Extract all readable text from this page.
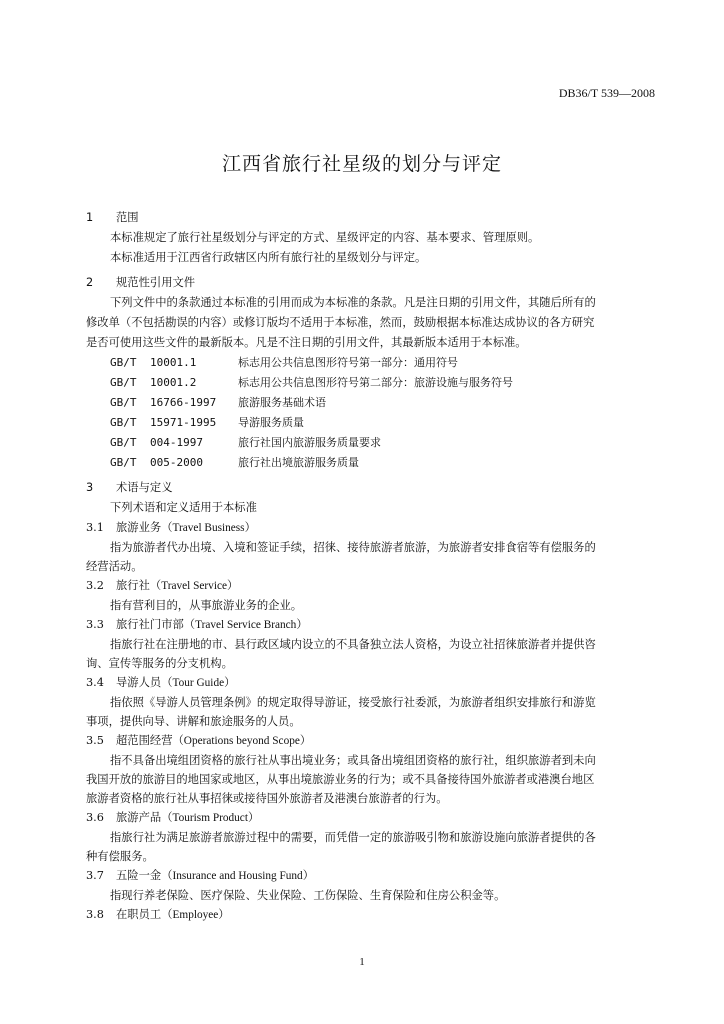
DB36/T 539—2008
江西省旅行社星级的划分与评定
1 范围
本标准规定了旅行社星级划分与评定的方式、星级评定的内容、基本要求、管理原则。
本标准适用于江西省行政辖区内所有旅行社的星级划分与评定。
2 规范性引用文件
下列文件中的条款通过本标准的引用而成为本标准的条款。凡是注日期的引用文件，其随后所有的
修改单（不包括勘误的内容）或修订版均不适用于本标准，然而，鼓励根据本标准达成协议的各方研究
是否可使用这些文件的最新版本。凡是不注日期的引用文件，其最新版本适用于本标准。
GB/T 10001.1	标志用公共信息图形符号第一部分：通用符号
GB/T 10001.2	标志用公共信息图形符号第二部分：旅游设施与服务符号
GB/T 16766-1997 旅游服务基础术语
GB/T 15971-1995 导游服务质量
GB/T 004-1997	旅行社国内旅游服务质量要求
GB/T 005-2000	旅行社出境旅游服务质量
3 术语与定义
下列术语和定义适用于本标准
3.1 旅游业务（Travel Business）
指为旅游者代办出境、入境和签证手续，招徕、接待旅游者旅游，为旅游者安排食宿等有偿服务的
经营活动。
3.2 旅行社（Travel Service）
指有营利目的，从事旅游业务的企业。
3.3 旅行社门市部（Travel Service Branch）
指旅行社在注册地的市、县行政区域内设立的不具备独立法人资格，为设立社招徕旅游者并提供咨
询、宣传等服务的分支机构。
3.4 导游人员（Tour Guide）
指依照《导游人员管理条例》的规定取得导游证，接受旅行社委派，为旅游者组织安排旅行和游览
事项，提供向导、讲解和旅途服务的人员。
3.5 超范围经营（Operations beyond Scope）
指不具备出境组团资格的旅行社从事出境业务；或具备出境组团资格的旅行社，组织旅游者到未向
我国开放的旅游目的地国家或地区，从事出境旅游业务的行为；或不具备接待国外旅游者或港澳台地区
旅游者资格的旅行社从事招徕或接待国外旅游者及港澳台旅游者的行为。
3.6 旅游产品（Tourism Product）
指旅行社为满足旅游者旅游过程中的需要，而凭借一定的旅游吸引物和旅游设施向旅游者提供的各
种有偿服务。
3.7 五险一金（Insurance and Housing Fund）
指现行养老保险、医疗保险、失业保险、工伤保险、生育保险和住房公积金等。
3.8 在职员工（Employee）
1
